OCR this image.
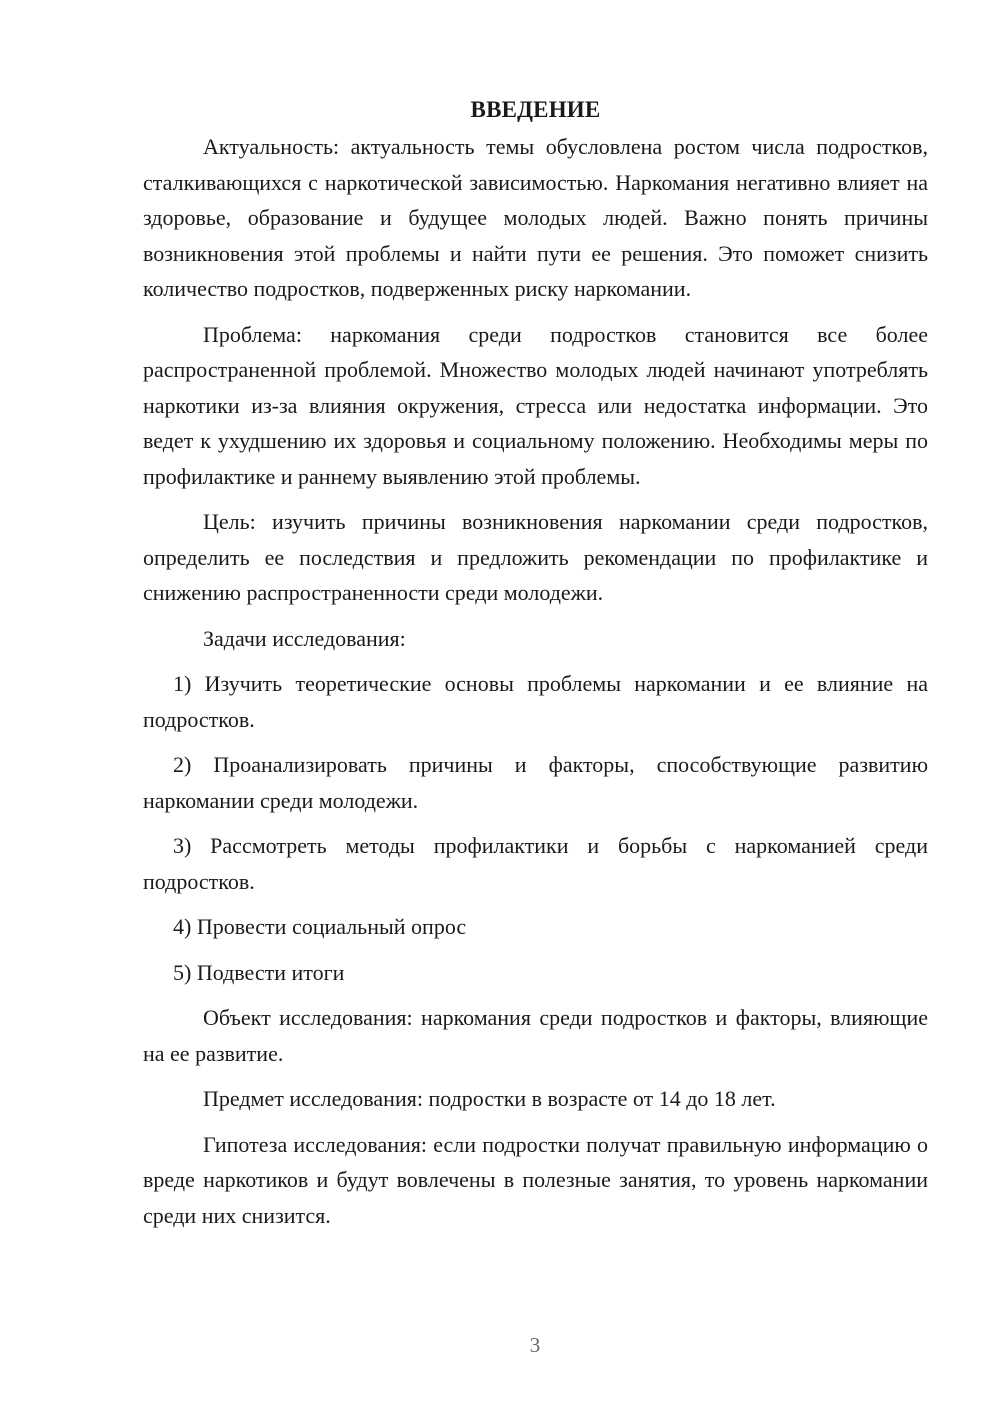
ВВЕДЕНИЕ

Актуальность: актуальность темы обусловлена ростом числа подростков, сталкивающихся с наркотической зависимостью. Наркомания негативно влияет на здоровье, образование и будущее молодых людей. Важно понять причины возникновения этой проблемы и найти пути ее решения. Это поможет снизить количество подростков, подверженных риску наркомании.

Проблема: наркомания среди подростков становится все более распространенной проблемой. Множество молодых людей начинают употреблять наркотики из-за влияния окружения, стресса или недостатка информации. Это ведет к ухудшению их здоровья и социальному положению. Необходимы меры по профилактике и раннему выявлению этой проблемы.

Цель: изучить причины возникновения наркомании среди подростков, определить ее последствия и предложить рекомендации по профилактике и снижению распространенности среди молодежи.

Задачи исследования:

1) Изучить теоретические основы проблемы наркомании и ее влияние на подростков.

2) Проанализировать причины и факторы, способствующие развитию наркомании среди молодежи.

3) Рассмотреть методы профилактики и борьбы с наркоманией среди подростков.

4) Провести социальный опрос

5) Подвести итоги

Объект исследования: наркомания среди подростков и факторы, влияющие на ее развитие.

Предмет исследования: подростки в возрасте от 14 до 18 лет.

Гипотеза исследования: если подростки получат правильную информацию о вреде наркотиков и будут вовлечены в полезные занятия, то уровень наркомании среди них снизится.

3
